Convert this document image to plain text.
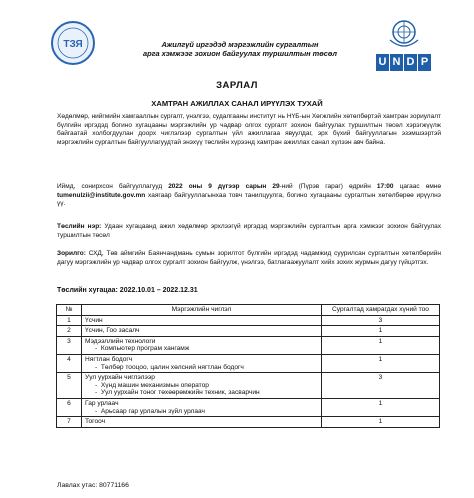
ТЗЯ
U N D P
Ажилгүй иргэдэд мэргэжлийн сургалтын
арга хэмжээг зохион байгуулах туршилтын төсөл
ЗАРЛАЛ
ХАМТРАН АЖИЛЛАХ САНАЛ ИРҮҮЛЭХ ТУХАЙ
Хөдөлмөр, нийгмийн хамгааллын сургалт, үнэлгээ, судалгааны институт нь НҮБ-ын Хөгжлийн хөтөлбөртэй хамтран зориулалт бүлгийн иргэдэд богино хугацааны мэргэжлийн ур чадвар олгох сургалт зохион байгуулах туршилтын төсөл хэрэгжүүлж байгаатай холбогдуулан доорх чиглэлээр сургалтын үйл ажиллагаа явуулдаг, эрх бүхий байгууллагын эзэмшээртэй мэргэжлийн сургалтын байгууллагуудтай энэхүү төслийн хүрээнд хамтран ажиллах санал хүлээн авч байна.
Иймд, сонирхсон байгууллагууд 2022 оны 9 дүгээр сарын 29-ний (Пүрэв гараг) өдрийн 17:00 цагаас өмнө tumenulzii@institute.gov.mn хаягаар байгууллагынхаа товч танилцуулга, богино хугацааны сургалтын хөтөлбөрөө ирүүлнэ үү.
Төслийн нэр: Удаан хугацаанд ажил хөдөлмөр эрхлээгүй иргэдэд мэргэжлийн сургалтын арга хэмжээг зохион байгуулах туршилтын төсөл
Зорилго: СХД, Төв аймгийн Баянчандмань сумын зорилтот бүлгийн иргэдэд чадамжид суурилсан сургалтын хөтөлбөрийн дагуу мэргэжлийн ур чадвар олгох сургалт зохион байгуулж, үнэлгээ, батлагаажуулалт хийх зохих журмын дагуу гүйцэтгэх.
Төслийн хугацаа: 2022.10.01 – 2022.12.31
№	Мэргэжлийн чиглэл	Сургалтад хамрагдах хүний тоо
1	Үсчин	3
2	Үсчин, Гоо засалч	1
3	Мэдээллийн технологи
-  Компьютер програм хангамж	1
4	Нягтлан бодогч
-  Төлбөр тооцоо, цалин хөлсний нягтлан бодогч	1
5	Уул уурхайн чиглэлээр
-  Хүнд машин механизмын оператор
-  Уул уурхайн тоног төхөөрөмжийн техник, засварчин	3
6	Гар урлаач
-  Арьсаар гар урлалын зүйл урлаач	1
7	Тогооч	1
Лавлах утас: 80771166
